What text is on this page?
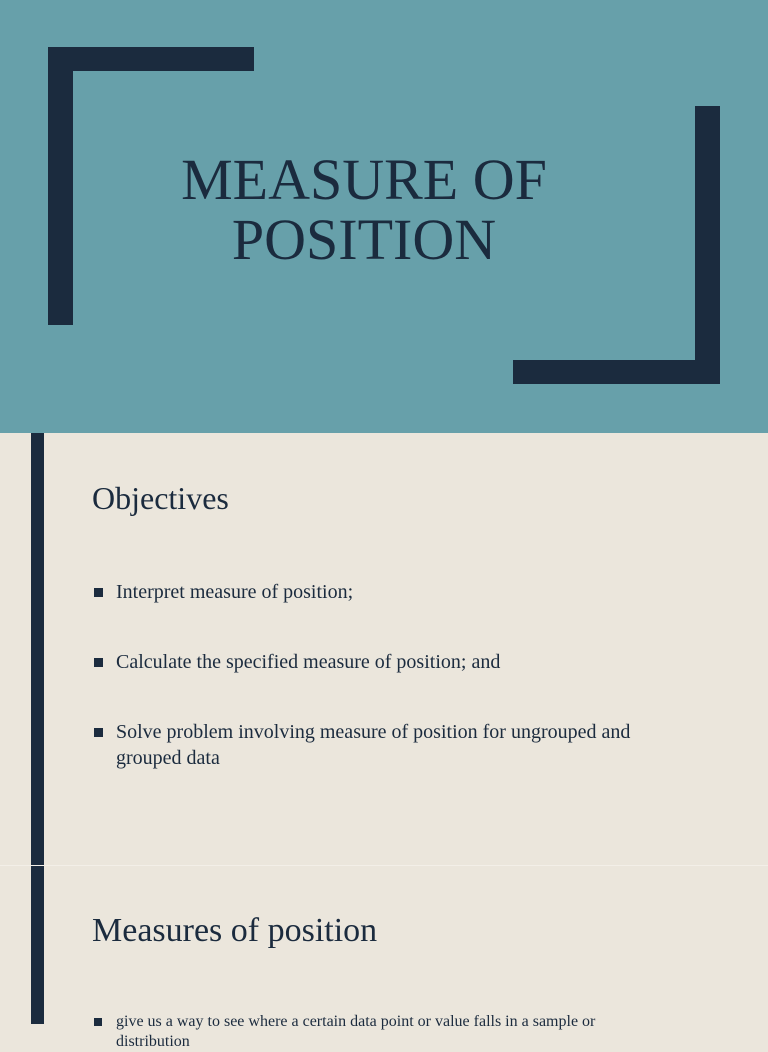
MEASURE OF
POSITION
Objectives
Interpret measure of position;
Calculate the specified measure of position; and
Solve problem involving measure of position for ungrouped and grouped data
Measures of position
give us a way to see where a certain data point or value falls in a sample or distribution
